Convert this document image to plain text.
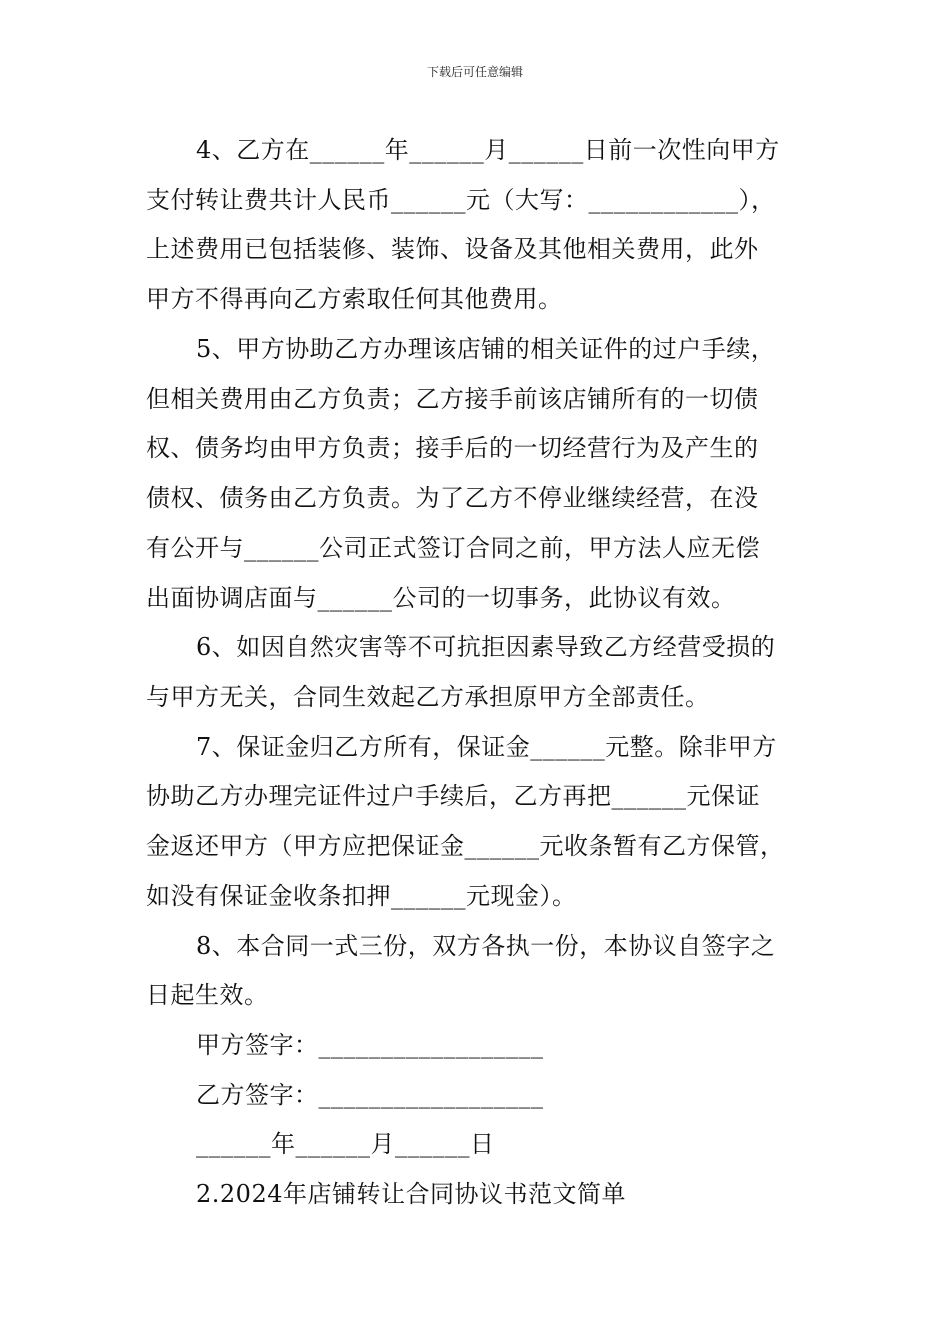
下载后可任意编辑
4、乙方在______年______月______日前一次性向甲方
支付转让费共计人民币______元（大写：____________），
上述费用已包括装修、装饰、设备及其他相关费用，此外
甲方不得再向乙方索取任何其他费用。
5、甲方协助乙方办理该店铺的相关证件的过户手续，
但相关费用由乙方负责；乙方接手前该店铺所有的一切债
权、债务均由甲方负责；接手后的一切经营行为及产生的
债权、债务由乙方负责。为了乙方不停业继续经营，在没
有公开与______公司正式签订合同之前，甲方法人应无偿
出面协调店面与______公司的一切事务，此协议有效。
6、如因自然灾害等不可抗拒因素导致乙方经营受损的
与甲方无关，合同生效起乙方承担原甲方全部责任。
7、保证金归乙方所有，保证金______元整。除非甲方
协助乙方办理完证件过户手续后，乙方再把______元保证
金返还甲方（甲方应把保证金______元收条暂有乙方保管，
如没有保证金收条扣押______元现金）。
8、本合同一式三份，双方各执一份，本协议自签字之
日起生效。
甲方签字：__________________
乙方签字：__________________
______年______月______日
2.2024年店铺转让合同协议书范文简单
